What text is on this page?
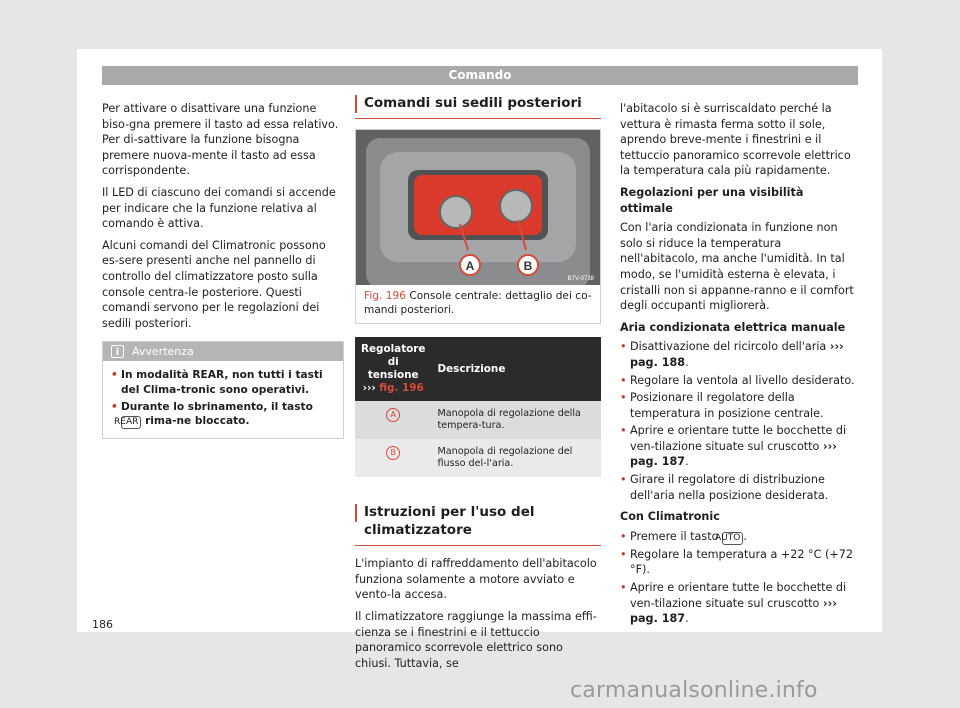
Comando

Per attivare o disattivare una funzione biso-gna premere il tasto ad essa relativo. Per di-sattivare la funzione bisogna premere nuova-mente il tasto ad essa corrispondente.

Il LED di ciascuno dei comandi si accende per indicare che la funzione relativa al comando è attiva.

Alcuni comandi del Climatronic possono es-sere presenti anche nel pannello di controllo del climatizzatore posto sulla console centra-le posteriore. Questi comandi servono per le regolazioni dei sedili posteriori.

i	Avvertenza
• In modalità REAR, non tutti i tasti del Clima-tronic sono operativi.
• Durante lo sbrinamento, il tasto REAR rima-ne bloccato.
Comandi sui sedili posteriori
A	B
B7V-0738
Fig. 196 Console centrale: dettaglio dei co-mandi posteriori.
Regolatore di tensione
››› fig. 196	Descrizione
A	Manopola di regolazione della tempera-tura.
B	Manopola di regolazione del flusso del-l'aria.
Istruzioni per l'uso del climatizzatore

L'impianto di raffreddamento dell'abitacolo funziona solamente a motore avviato e vento-la accesa.

Il climatizzatore raggiunge la massima effi-cienza se i finestrini e il tettuccio panoramico scorrevole elettrico sono chiusi. Tuttavia, se

l'abitacolo si è surriscaldato perché la vettura è rimasta ferma sotto il sole, aprendo breve-mente i finestrini e il tettuccio panoramico scorrevole elettrico la temperatura cala più rapidamente.

Regolazioni per una visibilità ottimale

Con l'aria condizionata in funzione non solo si riduce la temperatura nell'abitacolo, ma anche l'umidità. In tal modo, se l'umidità esterna è elevata, i cristalli non si appanne-ranno e il comfort degli occupanti migliorerà.

Aria condizionata elettrica manuale
• Disattivazione del ricircolo dell'aria ››› pag. 188.
• Regolare la ventola al livello desiderato.
• Posizionare il regolatore della temperatura in posizione centrale.
• Aprire e orientare tutte le bocchette di ven-tilazione situate sul cruscotto ››› pag. 187.
• Girare il regolatore di distribuzione dell'aria nella posizione desiderata.
Con Climatronic
• Premere il tasto AUTO .
• Regolare la temperatura a +22 °C (+72 °F).
• Aprire e orientare tutte le bocchette di ven-tilazione situate sul cruscotto ››› pag. 187.
186
carmanualsonline.info
